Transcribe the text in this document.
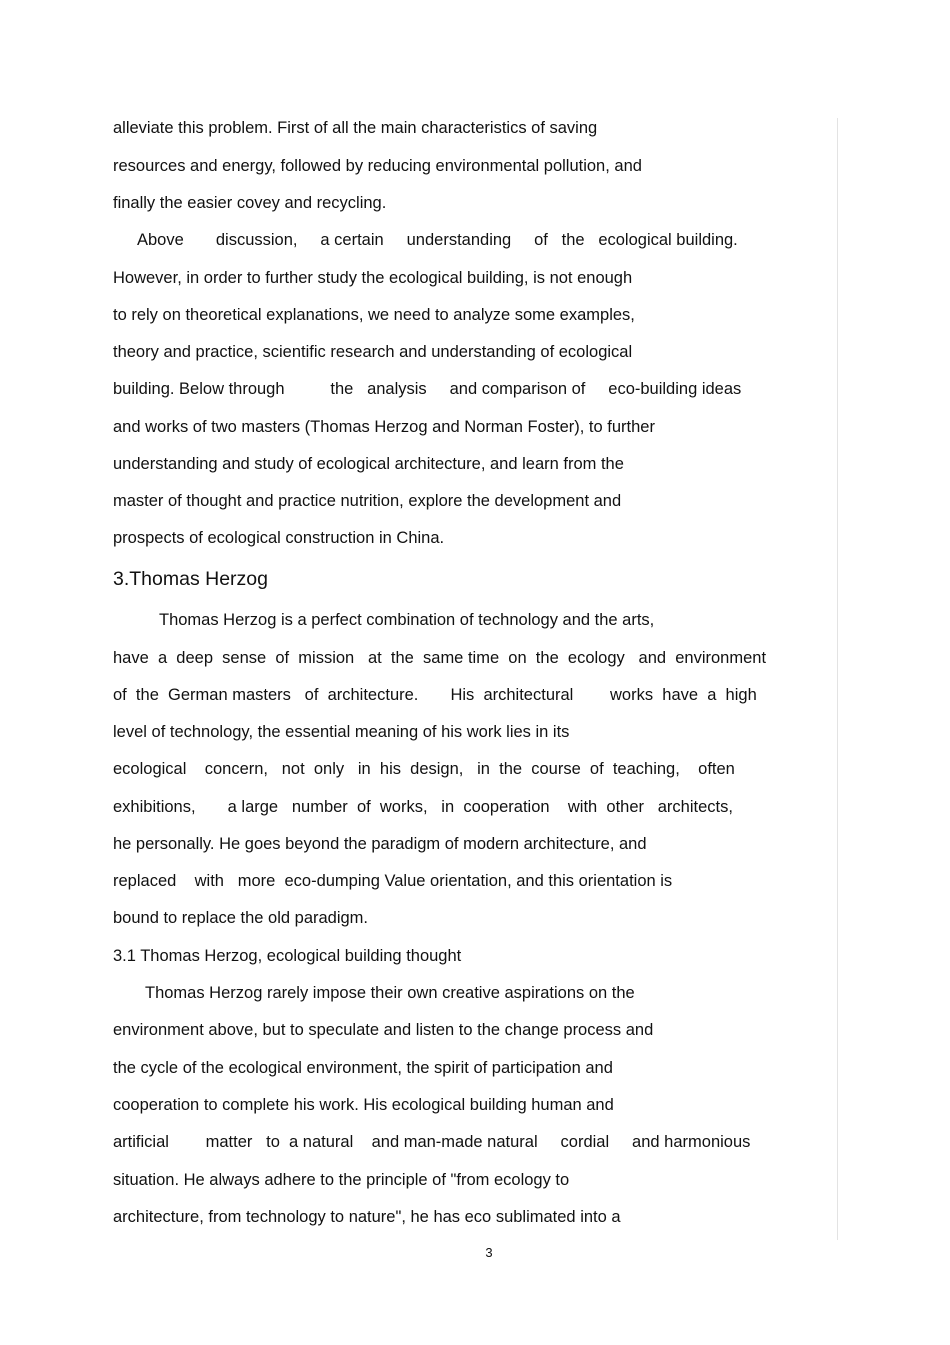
alleviate this problem. First of all the main characteristics of saving

resources and energy, followed by reducing environmental pollution, and

finally the easier covey and recycling.

Above       discussion,     a certain     understanding     of   the   ecological building.

However, in order to further study the ecological building, is not enough

to rely on theoretical explanations, we need to analyze some examples,

theory and practice, scientific research and understanding of ecological

building. Below through          the   analysis     and comparison of     eco-building ideas

and works of two masters (Thomas Herzog and Norman Foster), to further

understanding and study of ecological architecture, and learn from the

master of thought and practice nutrition, explore the development and

prospects of ecological construction in China.

3.Thomas Herzog

Thomas Herzog is a perfect combination of technology and the arts,

have  a  deep  sense  of  mission   at  the  same time  on  the  ecology   and  environment

of  the  German masters   of  architecture.       His  architectural        works  have  a  high

level of technology, the essential meaning of his work lies in its

ecological    concern,   not  only   in  his  design,   in  the  course  of  teaching,    often

exhibitions,       a large   number  of  works,   in  cooperation    with  other   architects,

he personally. He goes beyond the paradigm of modern architecture, and

replaced    with   more  eco-dumping Value orientation, and this orientation is

bound to replace the old paradigm.

3.1 Thomas Herzog, ecological building thought

Thomas Herzog rarely impose their own creative aspirations on the

environment above, but to speculate and listen to the change process and

the cycle of the ecological environment, the spirit of participation and

cooperation to complete his work. His ecological building human and

artificial        matter   to  a natural    and man-made natural     cordial     and harmonious

situation. He always adhere to the principle of "from ecology to

architecture, from technology to nature", he has eco sublimated into a

3
